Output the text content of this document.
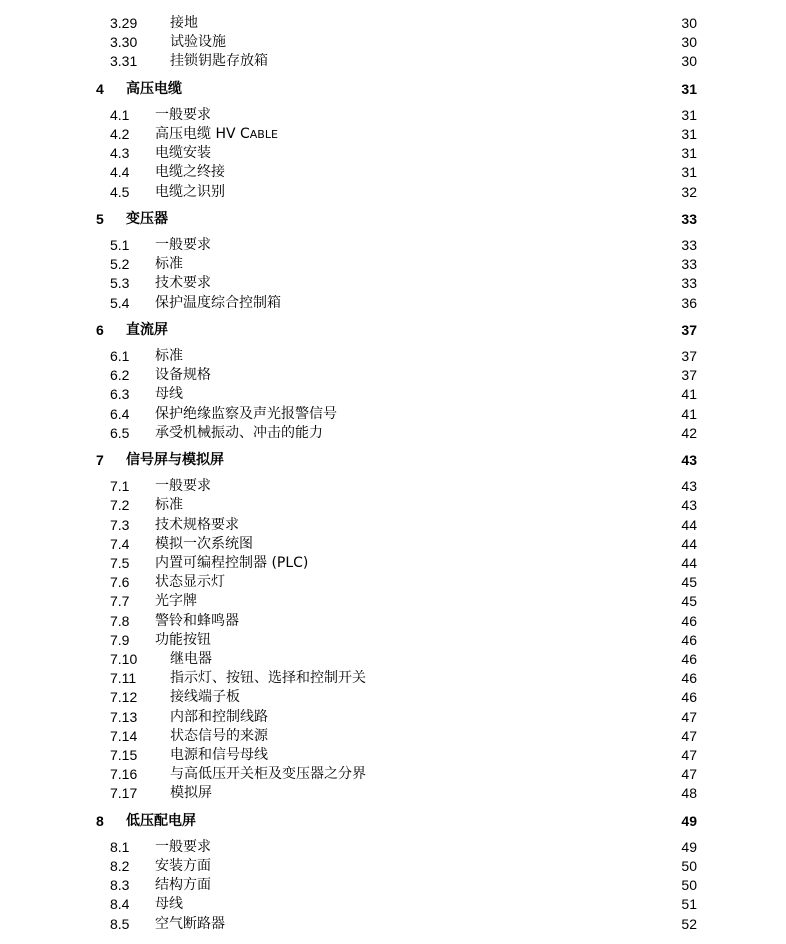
3.29 接地	30
3.30 试验设施	30
3.31 挂锁钥匙存放箱	30
4 高压电缆	31
4.1 一般要求	31
4.2 高压电缆 HV CABLE	31
4.3 电缆安装	31
4.4 电缆之终接	31
4.5 电缆之识别	32
5 变压器	33
5.1 一般要求	33
5.2 标准	33
5.3 技术要求	33
5.4 保护温度综合控制箱	36
6 直流屏	37
6.1 标准	37
6.2 设备规格	37
6.3 母线	41
6.4 保护绝缘监察及声光报警信号	41
6.5 承受机械振动、冲击的能力	42
7 信号屏与模拟屏	43
7.1 一般要求	43
7.2 标准	43
7.3 技术规格要求	44
7.4 模拟一次系统图	44
7.5 内置可编程控制器 (PLC)	44
7.6 状态显示灯	45
7.7 光字牌	45
7.8 警铃和蜂鸣器	46
7.9 功能按钮	46
7.10 继电器	46
7.11 指示灯、按钮、选择和控制开关	46
7.12 接线端子板	46
7.13 内部和控制线路	47
7.14 状态信号的来源	47
7.15 电源和信号母线	47
7.16 与高低压开关柜及变压器之分界	47
7.17 模拟屏	48
8 低压配电屏	49
8.1 一般要求	49
8.2 安装方面	50
8.3 结构方面	50
8.4 母线	51
8.5 空气断路器	52
